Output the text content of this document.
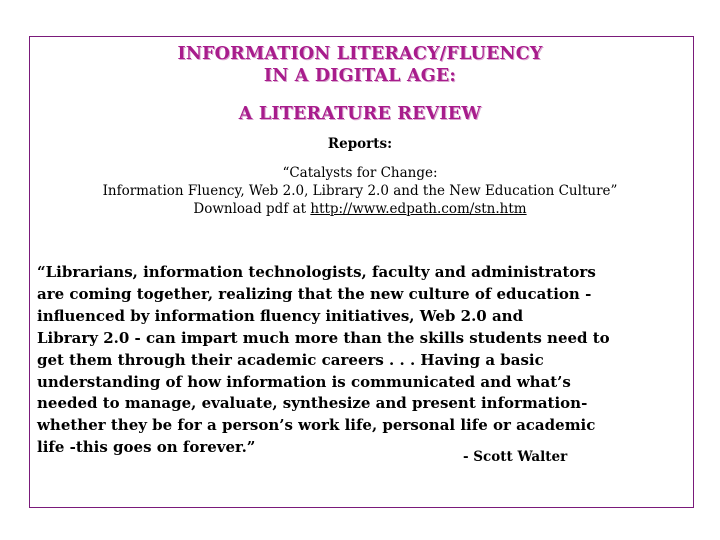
INFORMATION LITERACY/FLUENCY
IN A DIGITAL AGE:
A LITERATURE REVIEW
Reports:
“Catalysts for Change:
Information Fluency, Web 2.0, Library 2.0 and the New Education Culture”
Download pdf at http://www.edpath.com/stn.htm
“Librarians, information technologists, faculty and administrators
are coming together, realizing that the new culture of education -
influenced by information fluency initiatives, Web 2.0 and
Library 2.0 - can impart much more than the skills students need to
get them through their academic careers . . . Having a basic
understanding of how information is communicated and what’s
needed to manage, evaluate, synthesize and present information-
whether they be for a person’s work life, personal life or academic
life -this goes on forever.”
- Scott Walter
